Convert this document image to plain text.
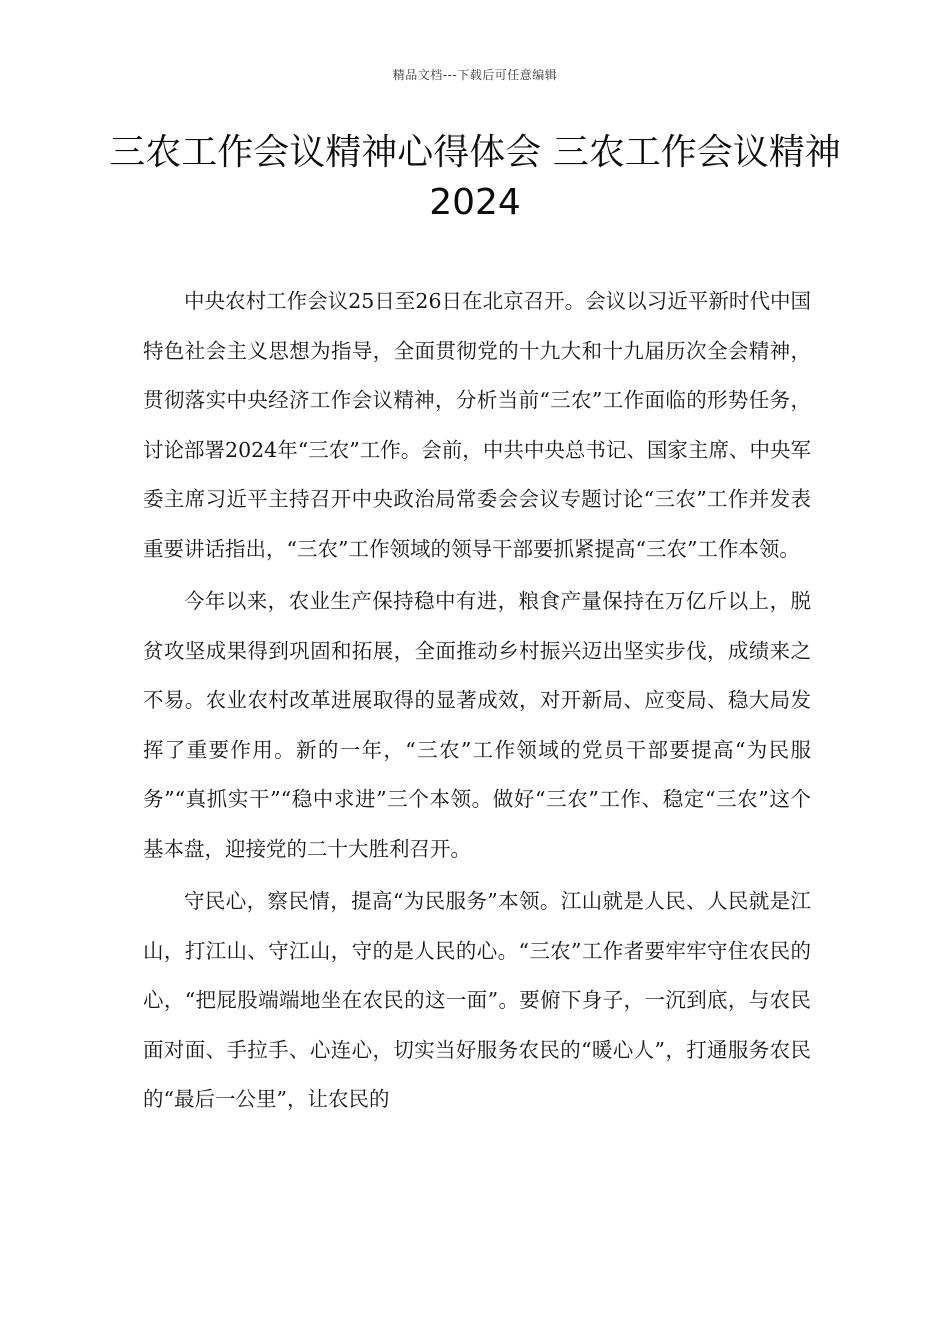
精品文档---下载后可任意编辑
三农工作会议精神心得体会 三农工作会议精神2024

中央农村工作会议25日至26日在北京召开。会议以习近平新时代中国特色社会主义思想为指导，全面贯彻党的十九大和十九届历次全会精神，贯彻落实中央经济工作会议精神，分析当前“三农”工作面临的形势任务，讨论部署2024年“三农”工作。会前，中共中央总书记、国家主席、中央军委主席习近平主持召开中央政治局常委会会议专题讨论“三农”工作并发表重要讲话指出，“三农”工作领域的领导干部要抓紧提高“三农”工作本领。

今年以来，农业生产保持稳中有进，粮食产量保持在万亿斤以上，脱贫攻坚成果得到巩固和拓展，全面推动乡村振兴迈出坚实步伐，成绩来之不易。农业农村改革进展取得的显著成效，对开新局、应变局、稳大局发挥了重要作用。新的一年，“三农”工作领域的党员干部要提高“为民服务”“真抓实干”“稳中求进”三个本领。做好“三农”工作、稳定“三农”这个基本盘，迎接党的二十大胜利召开。

守民心，察民情，提高“为民服务”本领。江山就是人民、人民就是江山，打江山、守江山，守的是人民的心。“三农”工作者要牢牢守住农民的心，“把屁股端端地坐在农民的这一面”。要俯下身子，一沉到底，与农民面对面、手拉手、心连心，切实当好服务农民的“暖心人”，打通服务农民的“最后一公里”，让农民的
